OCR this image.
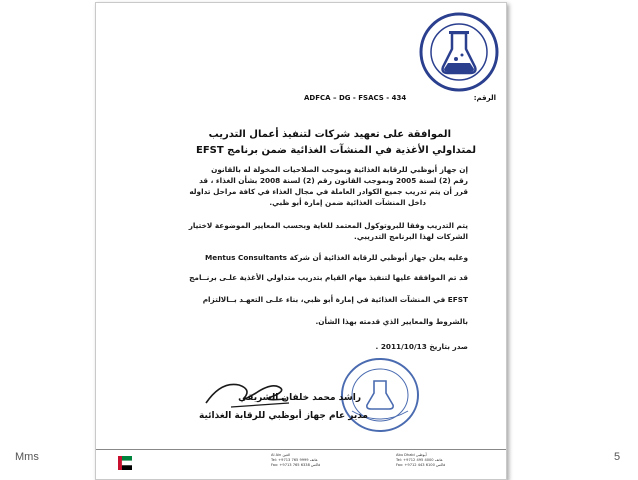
ADFCA – DG - FSACS - 434	الرقم:
الموافقة على تعهيد شركات لتنفيذ أعمال التدريب
لمتداولي الأغذية في المنشآت الغذائية ضمن برنامج EFST
إن جهاز أبوظبي للرقابة الغذائية وبموجب الصلاحيات المخولة له بالقانون
رقم (2) لسنة 2005 وبموجب القانون رقم (2) لسنة 2008 بشأن الغذاء ، قد
قرر أن يتم تدريب جميع الكوادر العاملة في مجال الغذاء في كافة مراحل تداوله
داخل المنشآت الغذائية ضمن إمارة أبو ظبي.
يتم التدريب وفقا للبروتوكول المعتمد للغاية وبحسب المعايير الموضوعة لاختيار
الشركات لهذا البرنامج التدريبي.
وعليه يعلن جهاز أبوظبي للرقابة الغذائية أن شركة Mentus Consultants
قد تم الموافقة عليها لتنفيذ مهام القيام بتدريب متداولي الأغذية علـى برنــامج
EFST في المنشآت الغذائية في إمارة أبو ظبي، بناء علـى التعهـد بــالالتزام
بالشروط والمعايير الذي قدمته بهذا الشأن.
صدر بتاريخ 2011/10/13 .
راشد محمد خلفان الشريقي
مدير عام جهاز أبوظبي للرقابة الغذائية
Al Ain العين
Tel: +9713 765 9999 هاتف
Fax: +9713 765 6338 فاكس
Abu Dhabi أبوظبي
Tel: +9712 495 4000 هاتف
Fax: +9712 443 6100 فاكس
Mms	5
